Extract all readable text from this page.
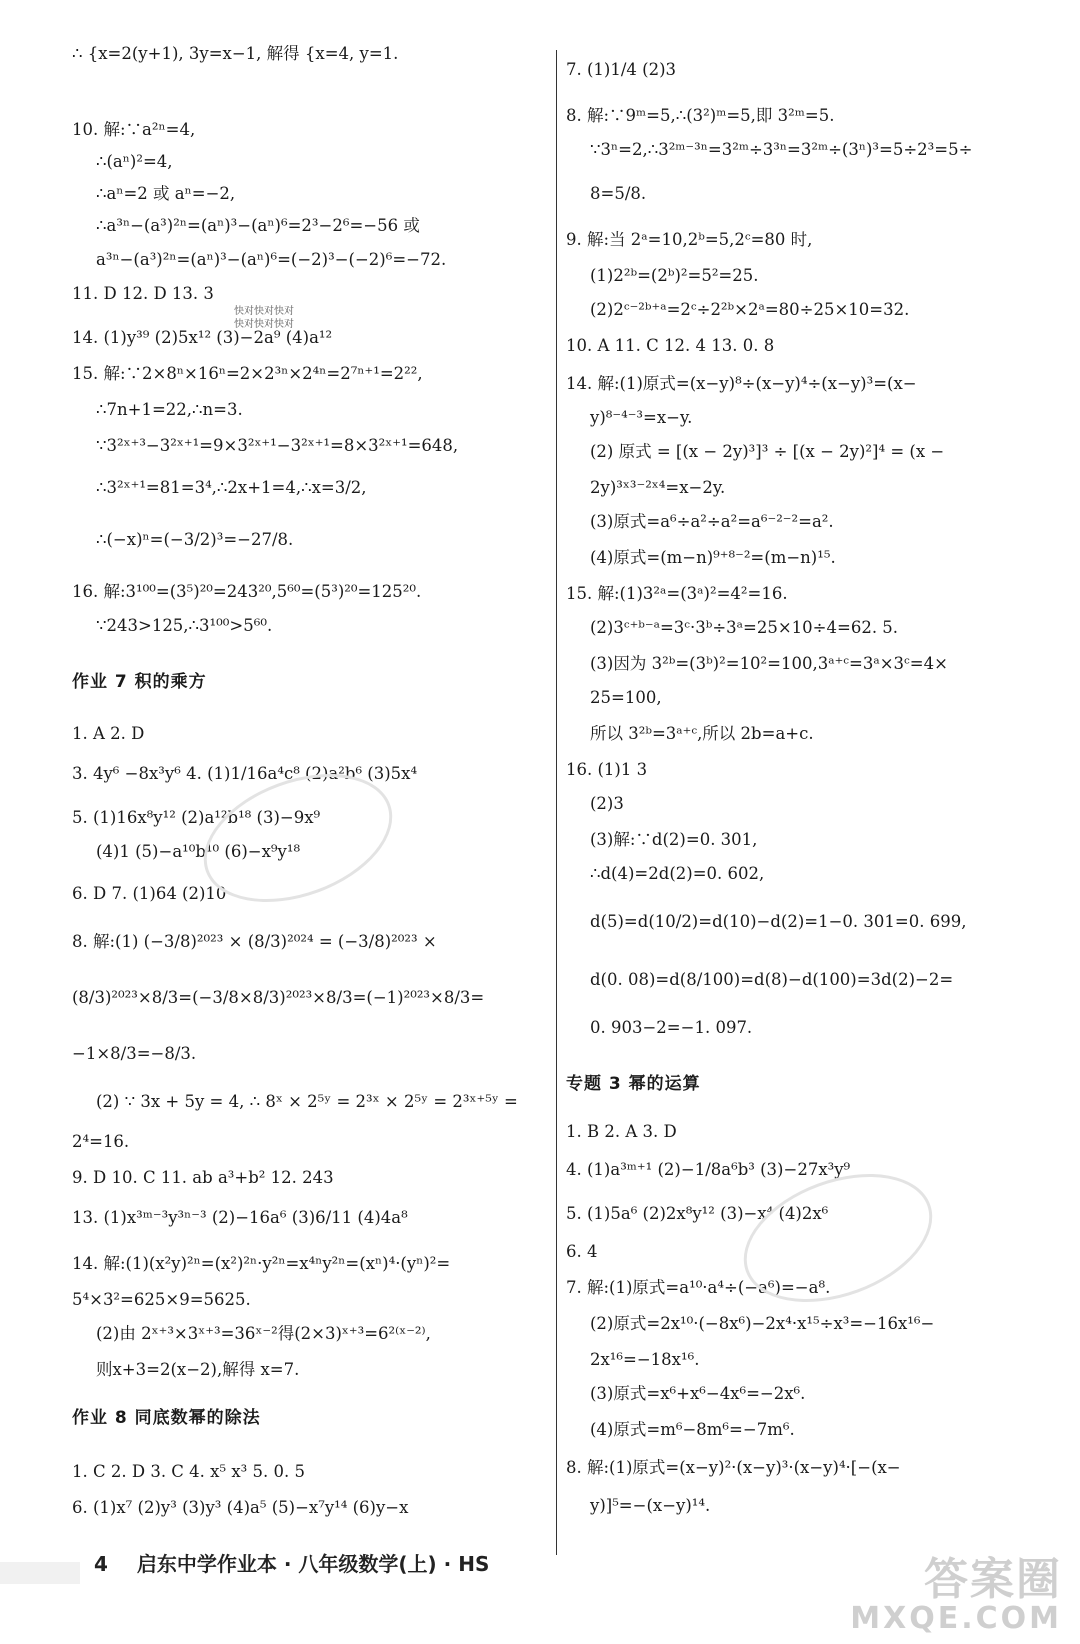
∴ {x=2(y+1), 3y=x−1, 解得 {x=4, y=1.
10. 解:∵a²ⁿ=4,
∴(aⁿ)²=4,
∴aⁿ=2 或 aⁿ=−2,
∴a³ⁿ−(a³)²ⁿ=(aⁿ)³−(aⁿ)⁶=2³−2⁶=−56 或
a³ⁿ−(a³)²ⁿ=(aⁿ)³−(aⁿ)⁶=(−2)³−(−2)⁶=−72.
11. D 12. D 13. 3
14. (1)y³⁹ (2)5x¹² (3)−2a⁹ (4)a¹²
15. 解:∵2×8ⁿ×16ⁿ=2×2³ⁿ×2⁴ⁿ=2⁷ⁿ⁺¹=2²²,
∴7n+1=22,∴n=3.
∵3²ˣ⁺³−3²ˣ⁺¹=9×3²ˣ⁺¹−3²ˣ⁺¹=8×3²ˣ⁺¹=648,
∴3²ˣ⁺¹=81=3⁴,∴2x+1=4,∴x=3/2,
∴(−x)ⁿ=(−3/2)³=−27/8.
16. 解:3¹⁰⁰=(3⁵)²⁰=243²⁰,5⁶⁰=(5³)²⁰=125²⁰.
∵243>125,∴3¹⁰⁰>5⁶⁰.
作业 7 积的乘方
1. A 2. D
3. 4y⁶ −8x³y⁶ 4. (1)1/16a⁴c⁸ (2)a²b⁶ (3)5x⁴
5. (1)16x⁸y¹² (2)a¹²b¹⁸ (3)−9x⁹
(4)1 (5)−a¹⁰b¹⁰ (6)−x⁹y¹⁸
6. D 7. (1)64 (2)10
8. 解:(1) (−3/8)²⁰²³ × (8/3)²⁰²⁴ = (−3/8)²⁰²³ ×
(8/3)²⁰²³×8/3=(−3/8×8/3)²⁰²³×8/3=(−1)²⁰²³×8/3=
−1×8/3=−8/3.
(2) ∵ 3x + 5y = 4, ∴ 8ˣ × 2⁵ʸ = 2³ˣ × 2⁵ʸ = 2³ˣ⁺⁵ʸ =
2⁴=16.
9. D 10. C 11. ab a³+b² 12. 243
13. (1)x³ᵐ⁻³y³ⁿ⁻³ (2)−16a⁶ (3)6/11 (4)4a⁸
14. 解:(1)(x²y)²ⁿ=(x²)²ⁿ·y²ⁿ=x⁴ⁿy²ⁿ=(xⁿ)⁴·(yⁿ)²=
5⁴×3²=625×9=5625.
(2)由 2ˣ⁺³×3ˣ⁺³=36ˣ⁻²得(2×3)ˣ⁺³=6²⁽ˣ⁻²⁾,
则x+3=2(x−2),解得 x=7.
作业 8 同底数幂的除法
1. C 2. D 3. C 4. x⁵ x³ 5. 0. 5
6. (1)x⁷ (2)y³ (3)y³ (4)a⁵ (5)−x⁷y¹⁴ (6)y−x
7. (1)1/4 (2)3
8. 解:∵9ᵐ=5,∴(3²)ᵐ=5,即 3²ᵐ=5.
∵3ⁿ=2,∴3²ᵐ⁻³ⁿ=3²ᵐ÷3³ⁿ=3²ᵐ÷(3ⁿ)³=5÷2³=5÷
8=5/8.
9. 解:当 2ᵃ=10,2ᵇ=5,2ᶜ=80 时,
(1)2²ᵇ=(2ᵇ)²=5²=25.
(2)2ᶜ⁻²ᵇ⁺ᵃ=2ᶜ÷2²ᵇ×2ᵃ=80÷25×10=32.
10. A 11. C 12. 4 13. 0. 8
14. 解:(1)原式=(x−y)⁸÷(x−y)⁴÷(x−y)³=(x−
y)⁸⁻⁴⁻³=x−y.
(2) 原式 = [(x − 2y)³]³ ÷ [(x − 2y)²]⁴ = (x −
2y)³ˣ³⁻²ˣ⁴=x−2y.
(3)原式=a⁶÷a²÷a²=a⁶⁻²⁻²=a².
(4)原式=(m−n)⁹⁺⁸⁻²=(m−n)¹⁵.
15. 解:(1)3²ᵃ=(3ᵃ)²=4²=16.
(2)3ᶜ⁺ᵇ⁻ᵃ=3ᶜ·3ᵇ÷3ᵃ=25×10÷4=62. 5.
(3)因为 3²ᵇ=(3ᵇ)²=10²=100,3ᵃ⁺ᶜ=3ᵃ×3ᶜ=4×
25=100,
所以 3²ᵇ=3ᵃ⁺ᶜ,所以 2b=a+c.
16. (1)1 3
(2)3
(3)解:∵d(2)=0. 301,
∴d(4)=2d(2)=0. 602,
d(5)=d(10/2)=d(10)−d(2)=1−0. 301=0. 699,
d(0. 08)=d(8/100)=d(8)−d(100)=3d(2)−2=
0. 903−2=−1. 097.
专题 3 幂的运算
1. B 2. A 3. D
4. (1)a³ᵐ⁺¹ (2)−1/8a⁶b³ (3)−27x³y⁹
5. (1)5a⁶ (2)2x⁸y¹² (3)−x⁴ (4)2x⁶
6. 4
7. 解:(1)原式=a¹⁰·a⁴÷(−a⁶)=−a⁸.
(2)原式=2x¹⁰·(−8x⁶)−2x⁴·x¹⁵÷x³=−16x¹⁶−
2x¹⁶=−18x¹⁶.
(3)原式=x⁶+x⁶−4x⁶=−2x⁶.
(4)原式=m⁶−8m⁶=−7m⁶.
8. 解:(1)原式=(x−y)²·(x−y)³·(x−y)⁴·[−(x−
y)]⁵=−(x−y)¹⁴.
快对快对快对
快对快对快对
4 启东中学作业本 · 八年级数学(上) · HS	答案圈
MXQE.COM
